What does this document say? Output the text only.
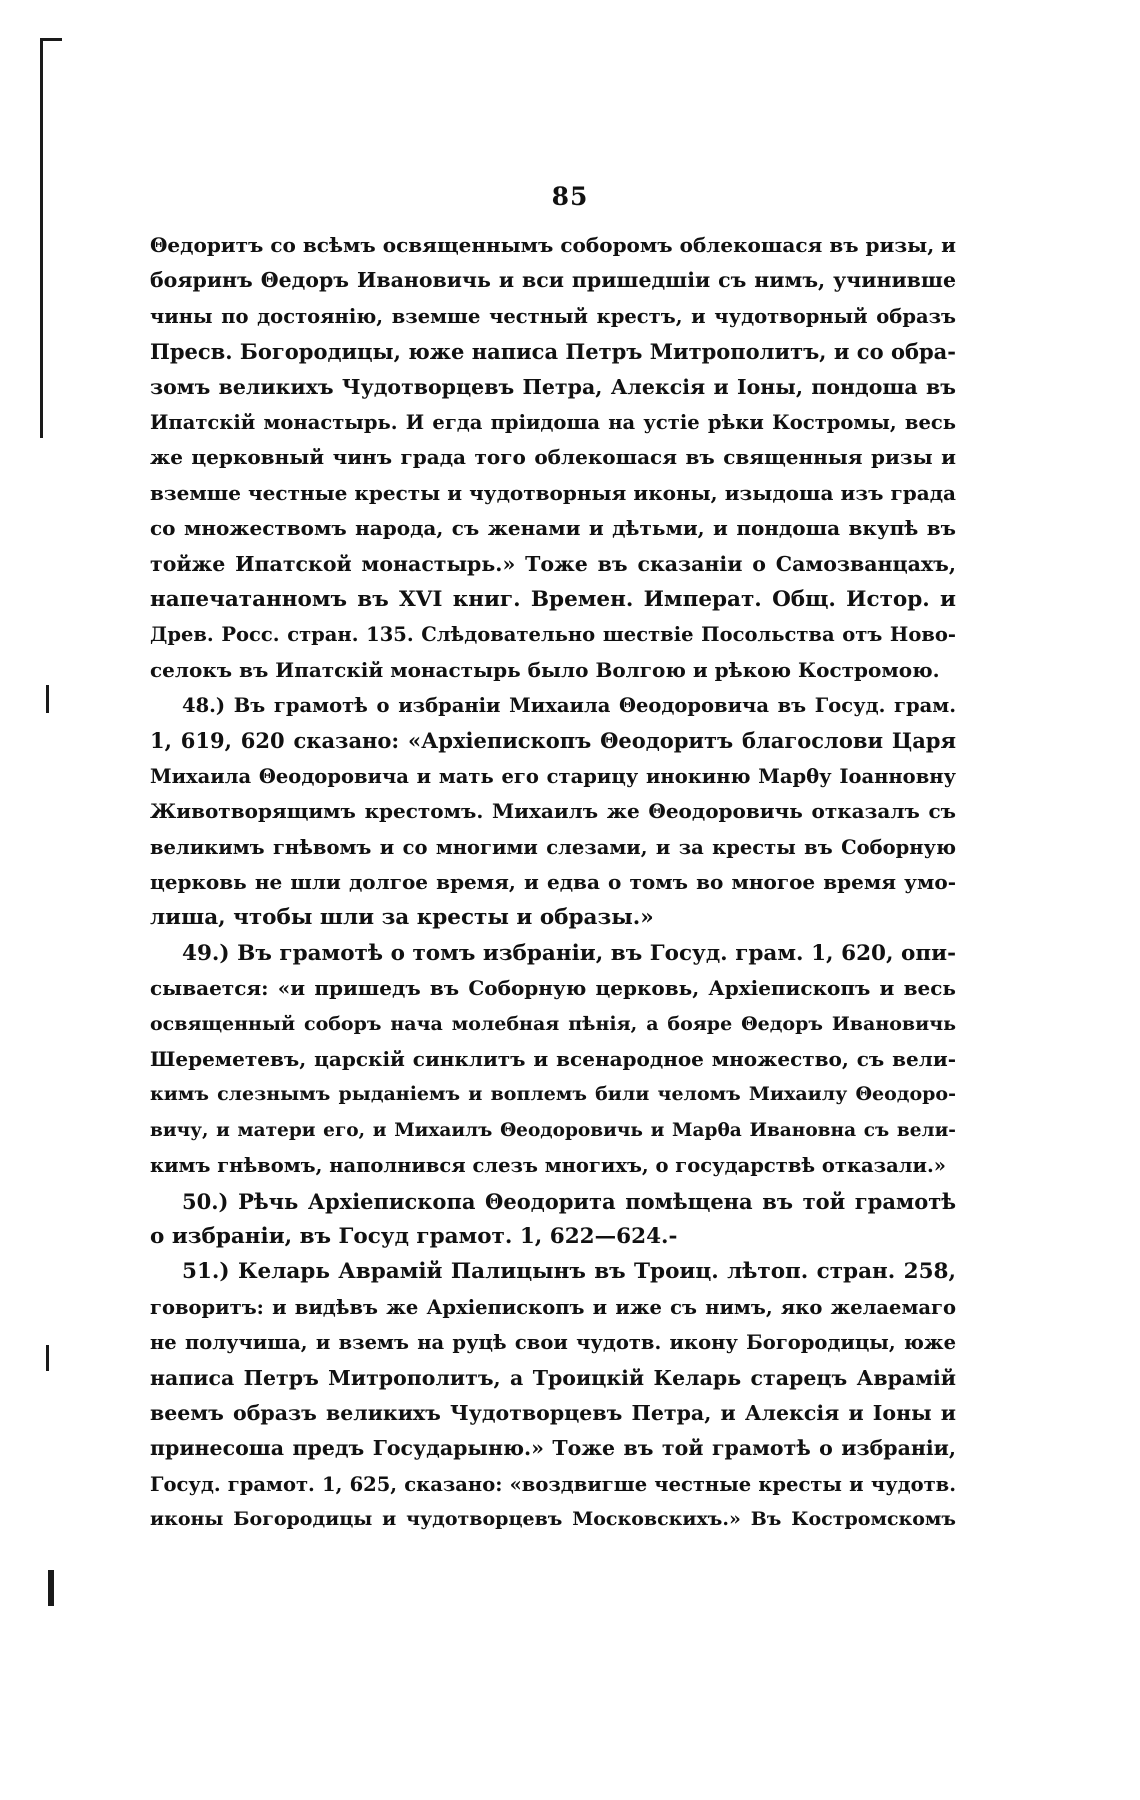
85
Θедоритъ со всѣмъ освященнымъ соборомъ облекошася въ ризы, и
бояринъ Θедоръ Ивановичь и вси пришедшіи съ нимъ, учинивше
чины по достоянію, вземше честный крестъ, и чудотворный образъ
Пресв. Богородицы, юже написа Петръ Митрополитъ, и со обра-
зомъ великихъ Чудотворцевъ Петра, Алексія и Іоны, пондоша въ
Ипатскій монастырь. И егда пріидоша на устіе рѣки Костромы, весь
же церковный чинъ града того облекошася въ священныя ризы и
вземше честные кресты и чудотворныя иконы, изыдоша изъ града
со множествомъ народа, съ женами и дѣтьми, и пондоша вкупѣ въ
тойже Ипатской монастырь.» Тоже въ сказаніи о Самозванцахъ,
напечатанномъ въ XVI книг. Времен. Императ. Общ. Истор. и
Древ. Росс. стран. 135. Слѣдовательно шествіе Посольства отъ Ново-
селокъ въ Ипатскій монастырь было Волгою и рѣкою Костромою.
48.) Въ грамотѣ о избраніи Михаила Θеодоровича въ Госуд. грам.
1, 619, 620 сказано: «Архіепископъ Θеодоритъ благослови Царя
Михаила Θеодоровича и мать его старицу инокиню Марθу Іоанновну
Животворящимъ крестомъ. Михаилъ же Θеодоровичь отказалъ съ
великимъ гнѣвомъ и со многими слезами, и за кресты въ Соборную
церковь не шли долгое время, и едва о томъ во многое время умо-
лиша, чтобы шли за кресты и образы.»
49.) Въ грамотѣ о томъ избраніи, въ Госуд. грам. 1, 620, опи-
сывается: «и пришедъ въ Соборную церковь, Архіепископъ и весь
освященный соборъ нача молебная пѣнія, а бояре Θедоръ Ивановичь
Шереметевъ, царскій синклитъ и всенародное множество, съ вели-
кимъ слезнымъ рыданіемъ и воплемъ били челомъ Михаилу Θеодоро-
вичу, и матери его, и Михаилъ Θеодоровичь и Марθа Ивановна съ вели-
кимъ гнѣвомъ, наполнився слезъ многихъ, о государствѣ отказали.»
50.) Рѣчь Архіепископа Θеодорита помѣщена въ той грамотѣ
о избраніи, въ Госуд грамот. 1, 622—624.-
51.) Келарь Аврамій Палицынъ въ Троиц. лѣтоп. стран. 258,
говоритъ: и видѣвъ же Архіепископъ и иже съ нимъ, яко желаемаго
не получиша, и вземъ на руцѣ свои чудотв. икону Богородицы, юже
написа Петръ Митрополитъ, а Троицкій Келарь старецъ Аврамій
веемъ образъ великихъ Чудотворцевъ Петра, и Алексія и Іоны и
принесоша предъ Государыню.» Тоже въ той грамотѣ о избраніи,
Госуд. грамот. 1, 625, сказано: «воздвигше честные кресты и чудотв.
иконы Богородицы и чудотворцевъ Московскихъ.» Въ Костромскомъ
